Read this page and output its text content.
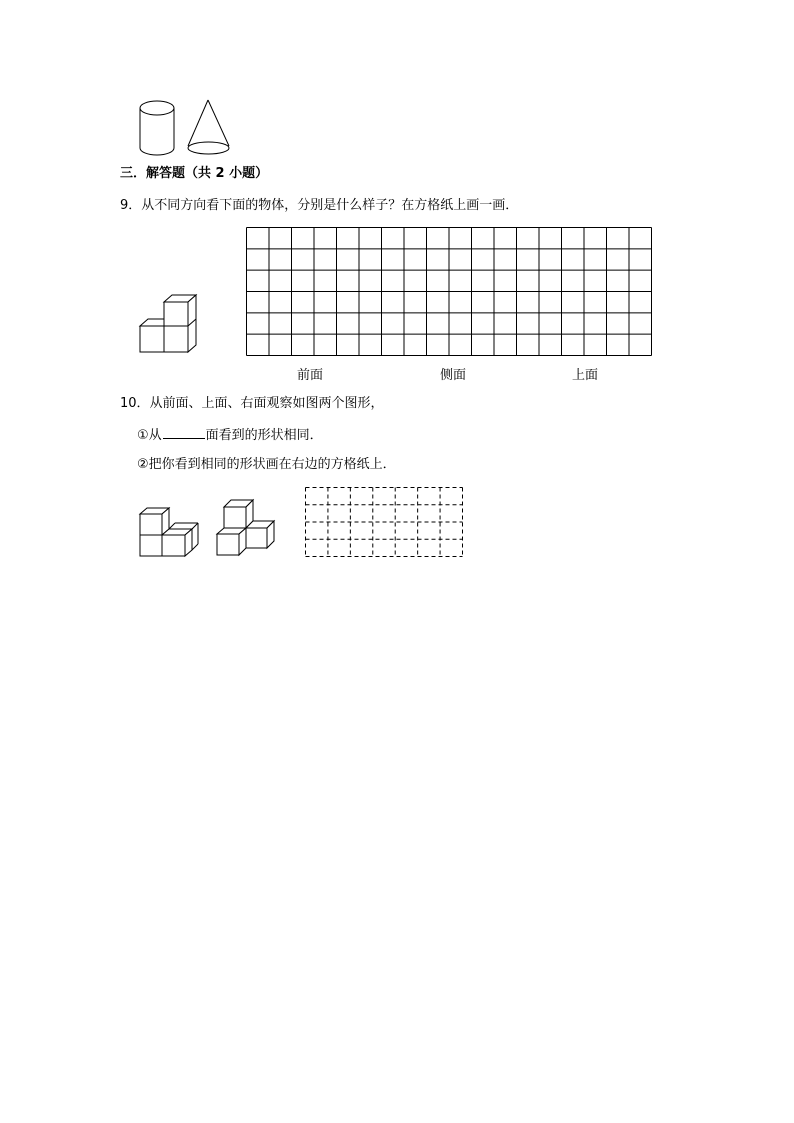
三．解答题（共 2 小题）
9．从不同方向看下面的物体，分别是什么样子？在方格纸上画一画．
前面	侧面	上面
10．从前面、上面、右面观察如图两个图形，
①从	面看到的形状相同．
②把你看到相同的形状画在右边的方格纸上．
